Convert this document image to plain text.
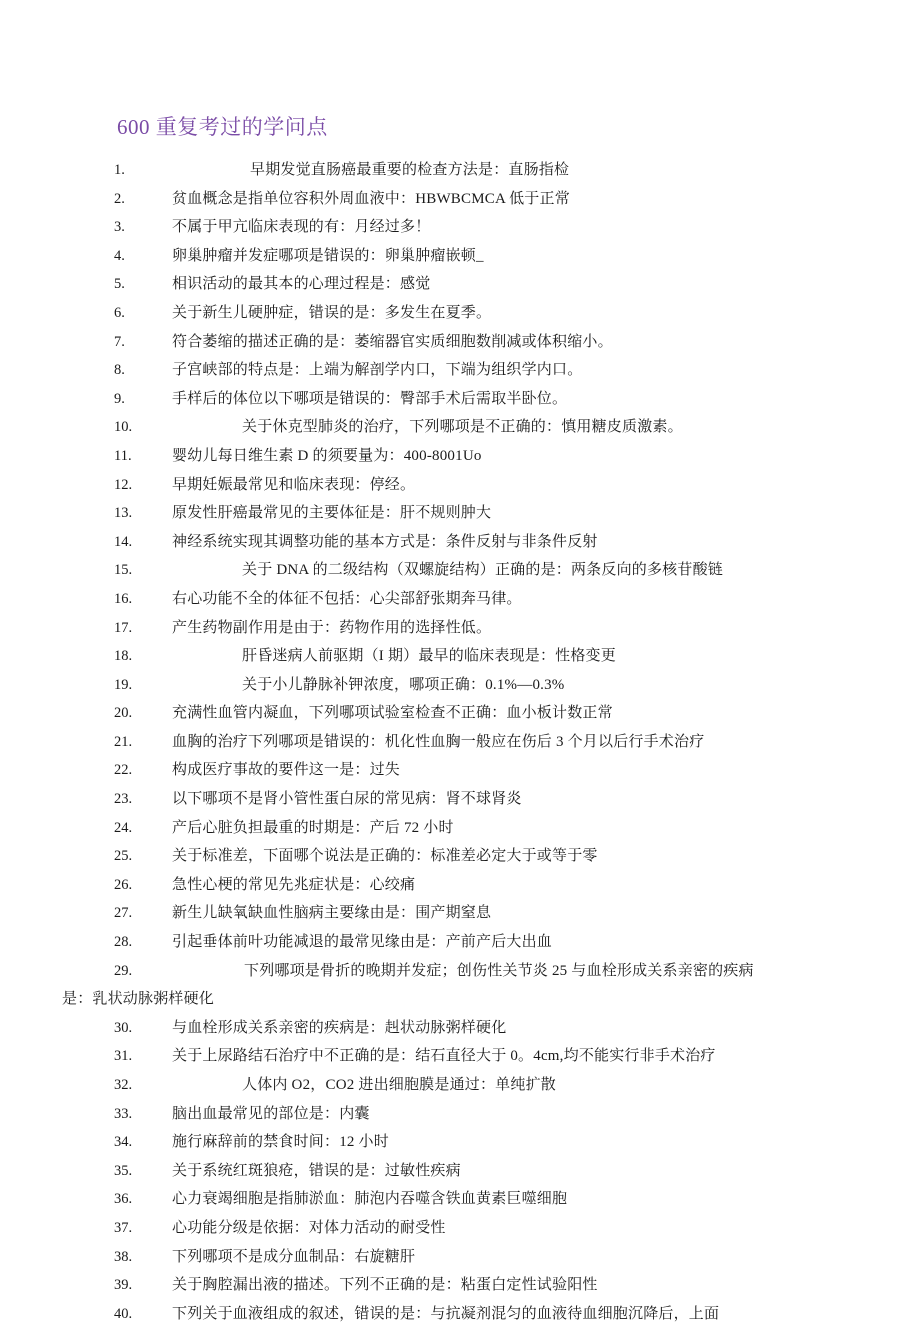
600 重复考过的学问点
1.	早期发觉直肠癌最重要的检查方法是：直肠指检
2.	贫血概念是指单位容积外周血液中：HBWBCMCA 低于正常
3.	不属于甲亢临床表现的有：月经过多！
4.	卵巢肿瘤并发症哪项是错误的：卵巢肿瘤嵌顿_
5.	相识活动的最其本的心理过程是：感觉
6.	关于新生儿硬肿症，错误的是：多发生在夏季。
7.	符合萎缩的描述正确的是：萎缩器官实质细胞数削减或体积缩小。
8.	子宫峡部的特点是：上端为解剖学内口，下端为组织学内口。
9.	手样后的体位以下哪项是错误的：臀部手术后需取半卧位。
10.	关于休克型肺炎的治疗，下列哪项是不正确的：慎用糖皮质激素。
11.	婴幼儿每日维生素 D 的须要量为：400-8001Uo
12.	早期妊娠最常见和临床表现：停经。
13.	原发性肝癌最常见的主要体征是：肝不规则肿大
14.	神经系统实现其调整功能的基本方式是：条件反射与非条件反射
15.	关于 DNA 的二级结构（双螺旋结构）正确的是：两条反向的多核苷酸链
16.	右心功能不全的体征不包括：心尖部舒张期奔马律。
17.	产生药物副作用是由于：药物作用的选择性低。
18.	肝昏迷病人前驱期（I 期）最早的临床表现是：性格变更
19.	关于小儿静脉补钾浓度，哪项正确：0.1%—0.3%
20.	充满性血管内凝血，下列哪项试验室检查不正确：血小板计数正常
21.	血胸的治疗下列哪项是错误的：机化性血胸一般应在伤后 3 个月以后行手术治疗
22.	构成医疗事故的要件这一是：过失
23.	以下哪项不是肾小管性蛋白尿的常见病：肾不球肾炎
24.	产后心脏负担最重的时期是：产后 72 小时
25.	关于标准差，下面哪个说法是正确的：标准差必定大于或等于零
26.	急性心梗的常见先兆症状是：心绞痛
27.	新生儿缺氧缺血性脑病主要缘由是：围产期窒息
28.	引起垂体前叶功能减退的最常见缘由是：产前产后大出血
29.	下列哪项是骨折的晚期并发症；创伤性关节炎 25 与血栓形成关系亲密的疾病
是：乳状动脉粥样硬化
30.	与血栓形成关系亲密的疾病是：赳状动脉粥样硬化
31.	关于上尿路结石治疗中不正确的是：结石直径大于 0。4cm,均不能实行非手术治疗
32.	人体内 O2，CO2 进出细胞膜是通过：单纯扩散
33.	脑出血最常见的部位是：内囊
34.	施行麻辞前的禁食时间：12 小时
35.	关于系统红斑狼疮，错误的是：过敏性疾病
36.	心力衰竭细胞是指肺淤血：肺泡内吞噬含铁血黄素巨噬细胞
37.	心功能分级是依据：对体力活动的耐受性
38.	下列哪项不是成分血制品：右旋糖肝
39.	关于胸腔漏出液的描述。下列不正确的是：粘蛋白定性试验阳性
40.	下列关于血液组成的叙述，错误的是：与抗凝剂混匀的血液待血细胞沉降后，上面
